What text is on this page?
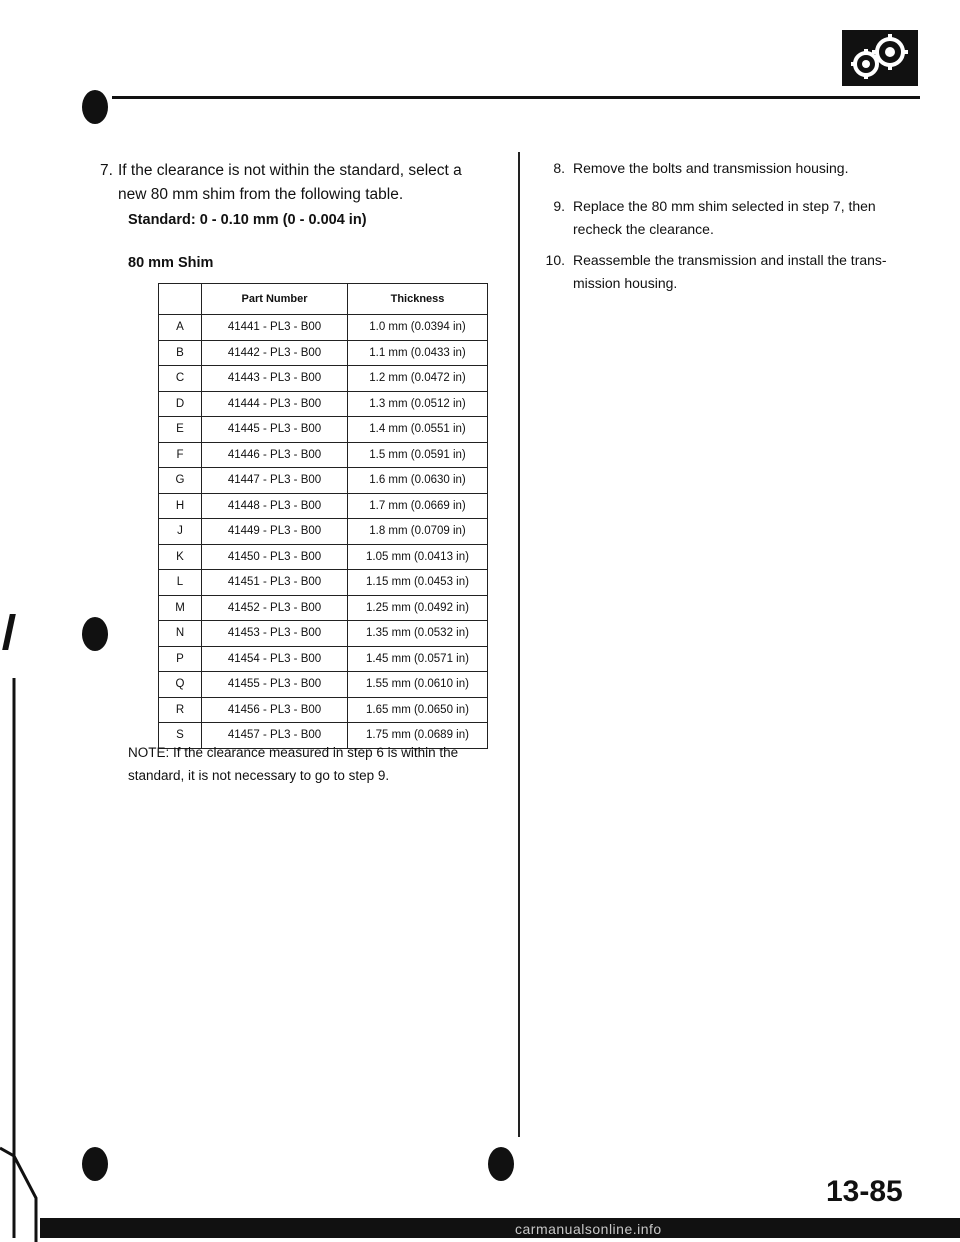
7. If the clearance is not within the standard, select a new 80 mm shim from the following table.
Standard: 0 - 0.10 mm (0 - 0.004 in)
80 mm Shim
	Part Number	Thickness
A	41441 - PL3 - B00	1.0 mm (0.0394 in)
B	41442 - PL3 - B00	1.1 mm (0.0433 in)
C	41443 - PL3 - B00	1.2 mm (0.0472 in)
D	41444 - PL3 - B00	1.3 mm (0.0512 in)
E	41445 - PL3 - B00	1.4 mm (0.0551 in)
F	41446 - PL3 - B00	1.5 mm (0.0591 in)
G	41447 - PL3 - B00	1.6 mm (0.0630 in)
H	41448 - PL3 - B00	1.7 mm (0.0669 in)
J	41449 - PL3 - B00	1.8 mm (0.0709 in)
K	41450 - PL3 - B00	1.05 mm (0.0413 in)
L	41451 - PL3 - B00	1.15 mm (0.0453 in)
M	41452 - PL3 - B00	1.25 mm (0.0492 in)
N	41453 - PL3 - B00	1.35 mm (0.0532 in)
P	41454 - PL3 - B00	1.45 mm (0.0571 in)
Q	41455 - PL3 - B00	1.55 mm (0.0610 in)
R	41456 - PL3 - B00	1.65 mm (0.0650 in)
S	41457 - PL3 - B00	1.75 mm (0.0689 in)
NOTE: If the clearance measured in step 6 is within the standard, it is not necessary to go to step 9.
8. Remove the bolts and transmission housing.
9. Replace the 80 mm shim selected in step 7, then recheck the clearance.
10. Reassemble the transmission and install the trans- mission housing.
13-85
carmanualsonline.info
